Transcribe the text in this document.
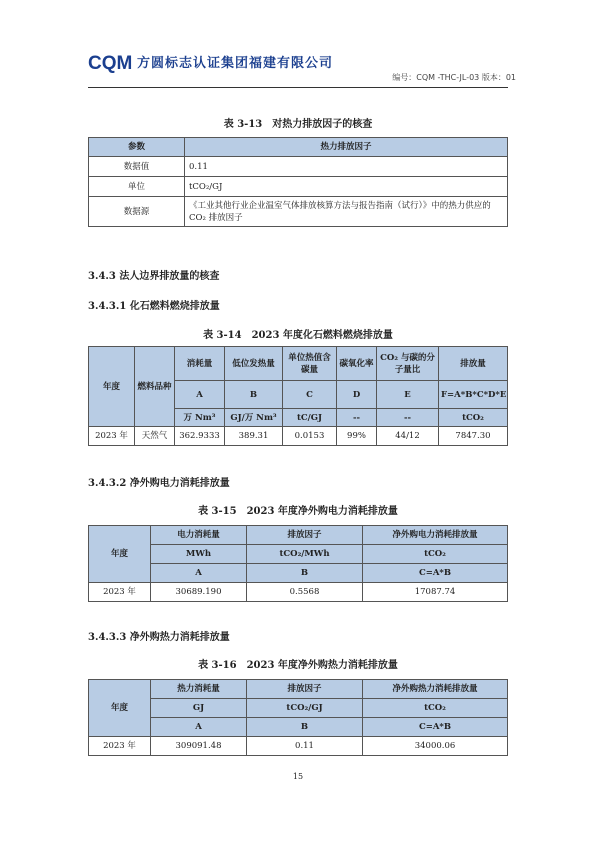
CQM 方圆标志认证集团福建有限公司
编号：CQM -THC-JL-03 版本：01
表 3-13　对热力排放因子的核查
参数	热力排放因子
数据值	0.11
单位	tCO₂/GJ
数据源	《工业其他行业企业温室气体排放核算方法与报告指南（试行）》中的热力供应的 CO₂ 排放因子
3.4.3 法人边界排放量的核查
3.4.3.1 化石燃料燃烧排放量
表 3-14　2023 年度化石燃料燃烧排放量
年度	燃料品种	消耗量	低位发热量	单位热值含碳量	碳氧化率	CO₂ 与碳的分子量比	排放量
		A	B	C	D	E	F=A*B*C*D*E
		万 Nm³	GJ/万 Nm³	tC/GJ	--	--	tCO₂
2023 年	天然气	362.9333	389.31	0.0153	99%	44/12	7847.30
3.4.3.2 净外购电力消耗排放量
表 3-15　2023 年度净外购电力消耗排放量
年度	电力消耗量	排放因子	净外购电力消耗排放量
	MWh	tCO₂/MWh	tCO₂
	A	B	C=A*B
2023 年	30689.190	0.5568	17087.74
3.4.3.3 净外购热力消耗排放量
表 3-16　2023 年度净外购热力消耗排放量
年度	热力消耗量	排放因子	净外购热力消耗排放量
	GJ	tCO₂/GJ	tCO₂
	A	B	C=A*B
2023 年	309091.48	0.11	34000.06
15
